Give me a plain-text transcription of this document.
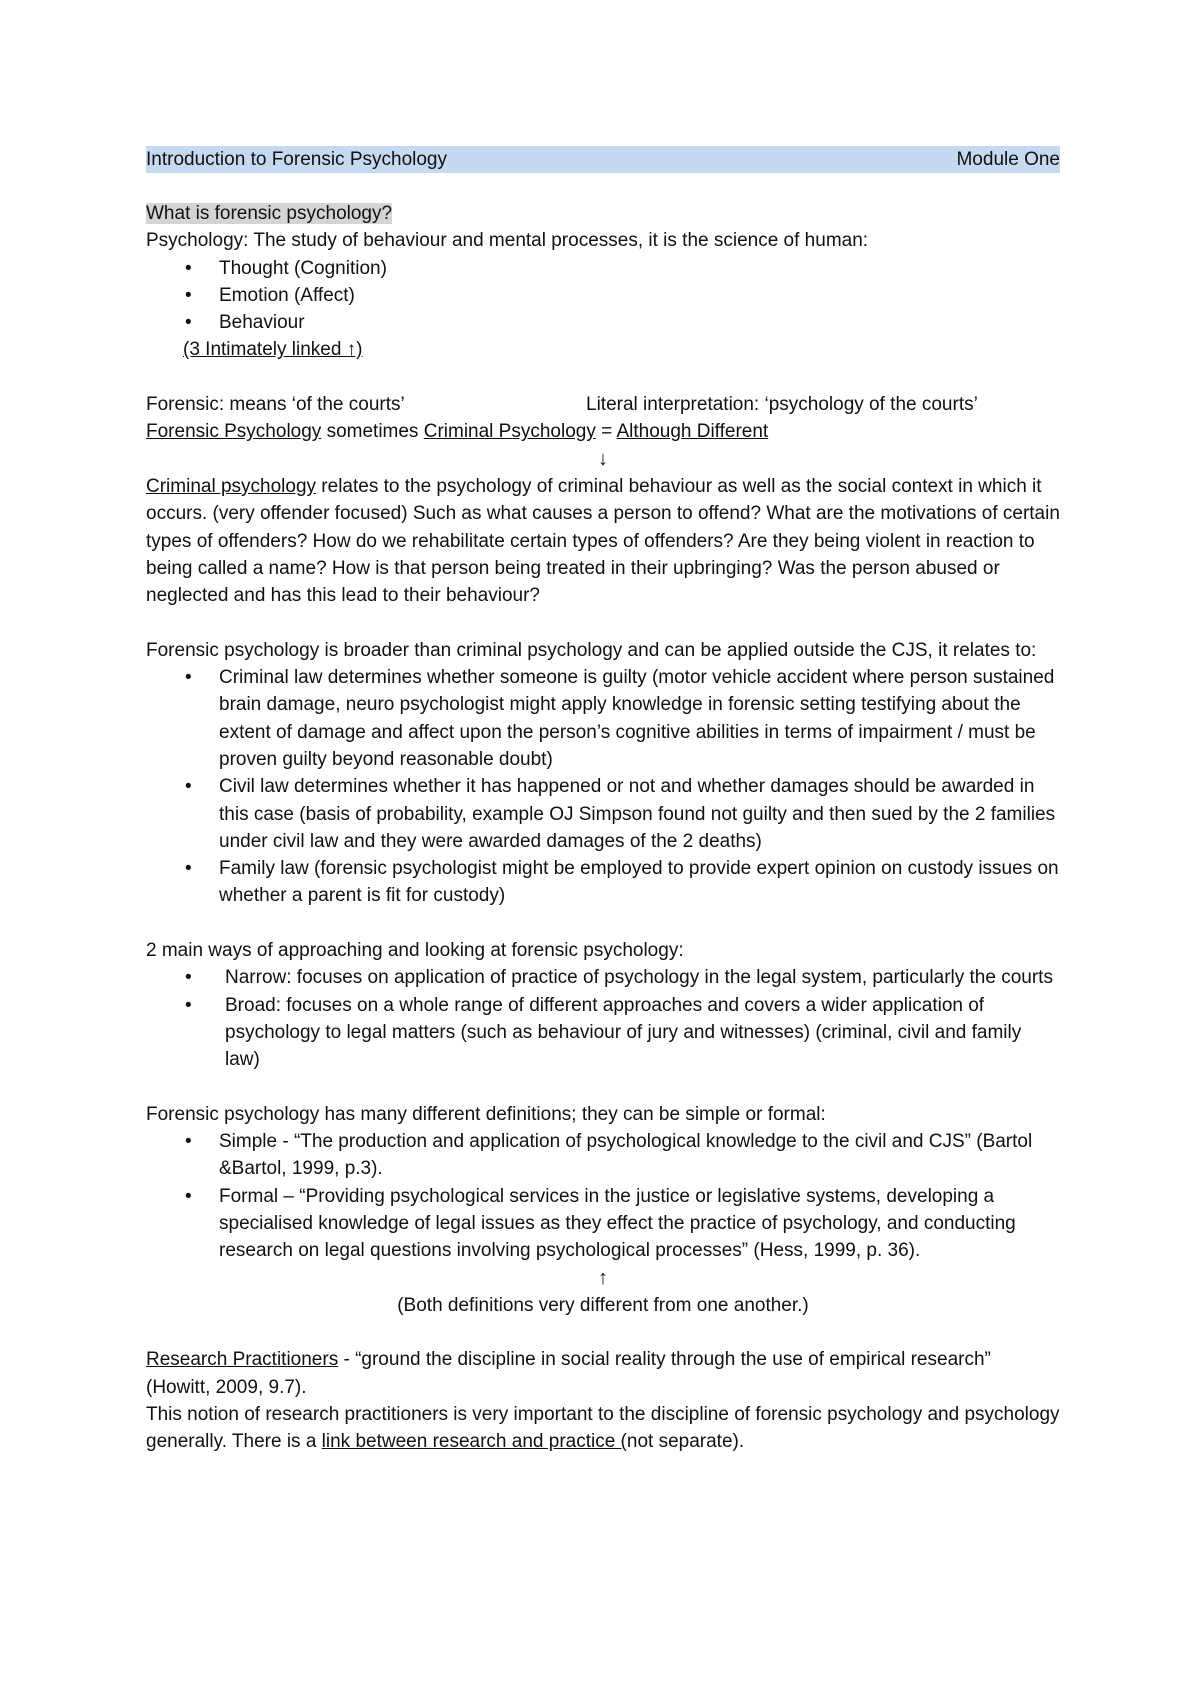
Introduction to Forensic Psychology	Module One
What is forensic psychology?
Psychology: The study of behaviour and mental processes, it is the science of human:
• Thought (Cognition)
• Emotion (Affect)
• Behaviour
(3 Intimately linked ↑)
Forensic: means ‘of the courts’	Literal interpretation: ‘psychology of the courts’
Forensic Psychology sometimes Criminal Psychology = Although Different
↓
Criminal psychology relates to the psychology of criminal behaviour as well as the social context in which it occurs. (very offender focused) Such as what causes a person to offend? What are the motivations of certain types of offenders? How do we rehabilitate certain types of offenders? Are they being violent in reaction to being called a name? How is that person being treated in their upbringing? Was the person abused or neglected and has this lead to their behaviour?
Forensic psychology is broader than criminal psychology and can be applied outside the CJS, it relates to:
• Criminal law determines whether someone is guilty (motor vehicle accident where person sustained brain damage, neuro psychologist might apply knowledge in forensic setting testifying about the extent of damage and affect upon the person’s cognitive abilities in terms of impairment / must be proven guilty beyond reasonable doubt)
• Civil law determines whether it has happened or not and whether damages should be awarded in this case (basis of probability, example OJ Simpson found not guilty and then sued by the 2 families under civil law and they were awarded damages of the 2 deaths)
• Family law (forensic psychologist might be employed to provide expert opinion on custody issues on whether a parent is fit for custody)
2 main ways of approaching and looking at forensic psychology:
• Narrow: focuses on application of practice of psychology in the legal system, particularly the courts
• Broad: focuses on a whole range of different approaches and covers a wider application of psychology to legal matters (such as behaviour of jury and witnesses) (criminal, civil and family law)
Forensic psychology has many different definitions; they can be simple or formal:
• Simple - “The production and application of psychological knowledge to the civil and CJS” (Bartol &Bartol, 1999, p.3).
• Formal – “Providing psychological services in the justice or legislative systems, developing a specialised knowledge of legal issues as they effect the practice of psychology, and conducting research on legal questions involving psychological processes” (Hess, 1999, p. 36).
↑
(Both definitions very different from one another.)
Research Practitioners - “ground the discipline in social reality through the use of empirical research” (Howitt, 2009, 9.7).
This notion of research practitioners is very important to the discipline of forensic psychology and psychology generally. There is a link between research and practice (not separate).
